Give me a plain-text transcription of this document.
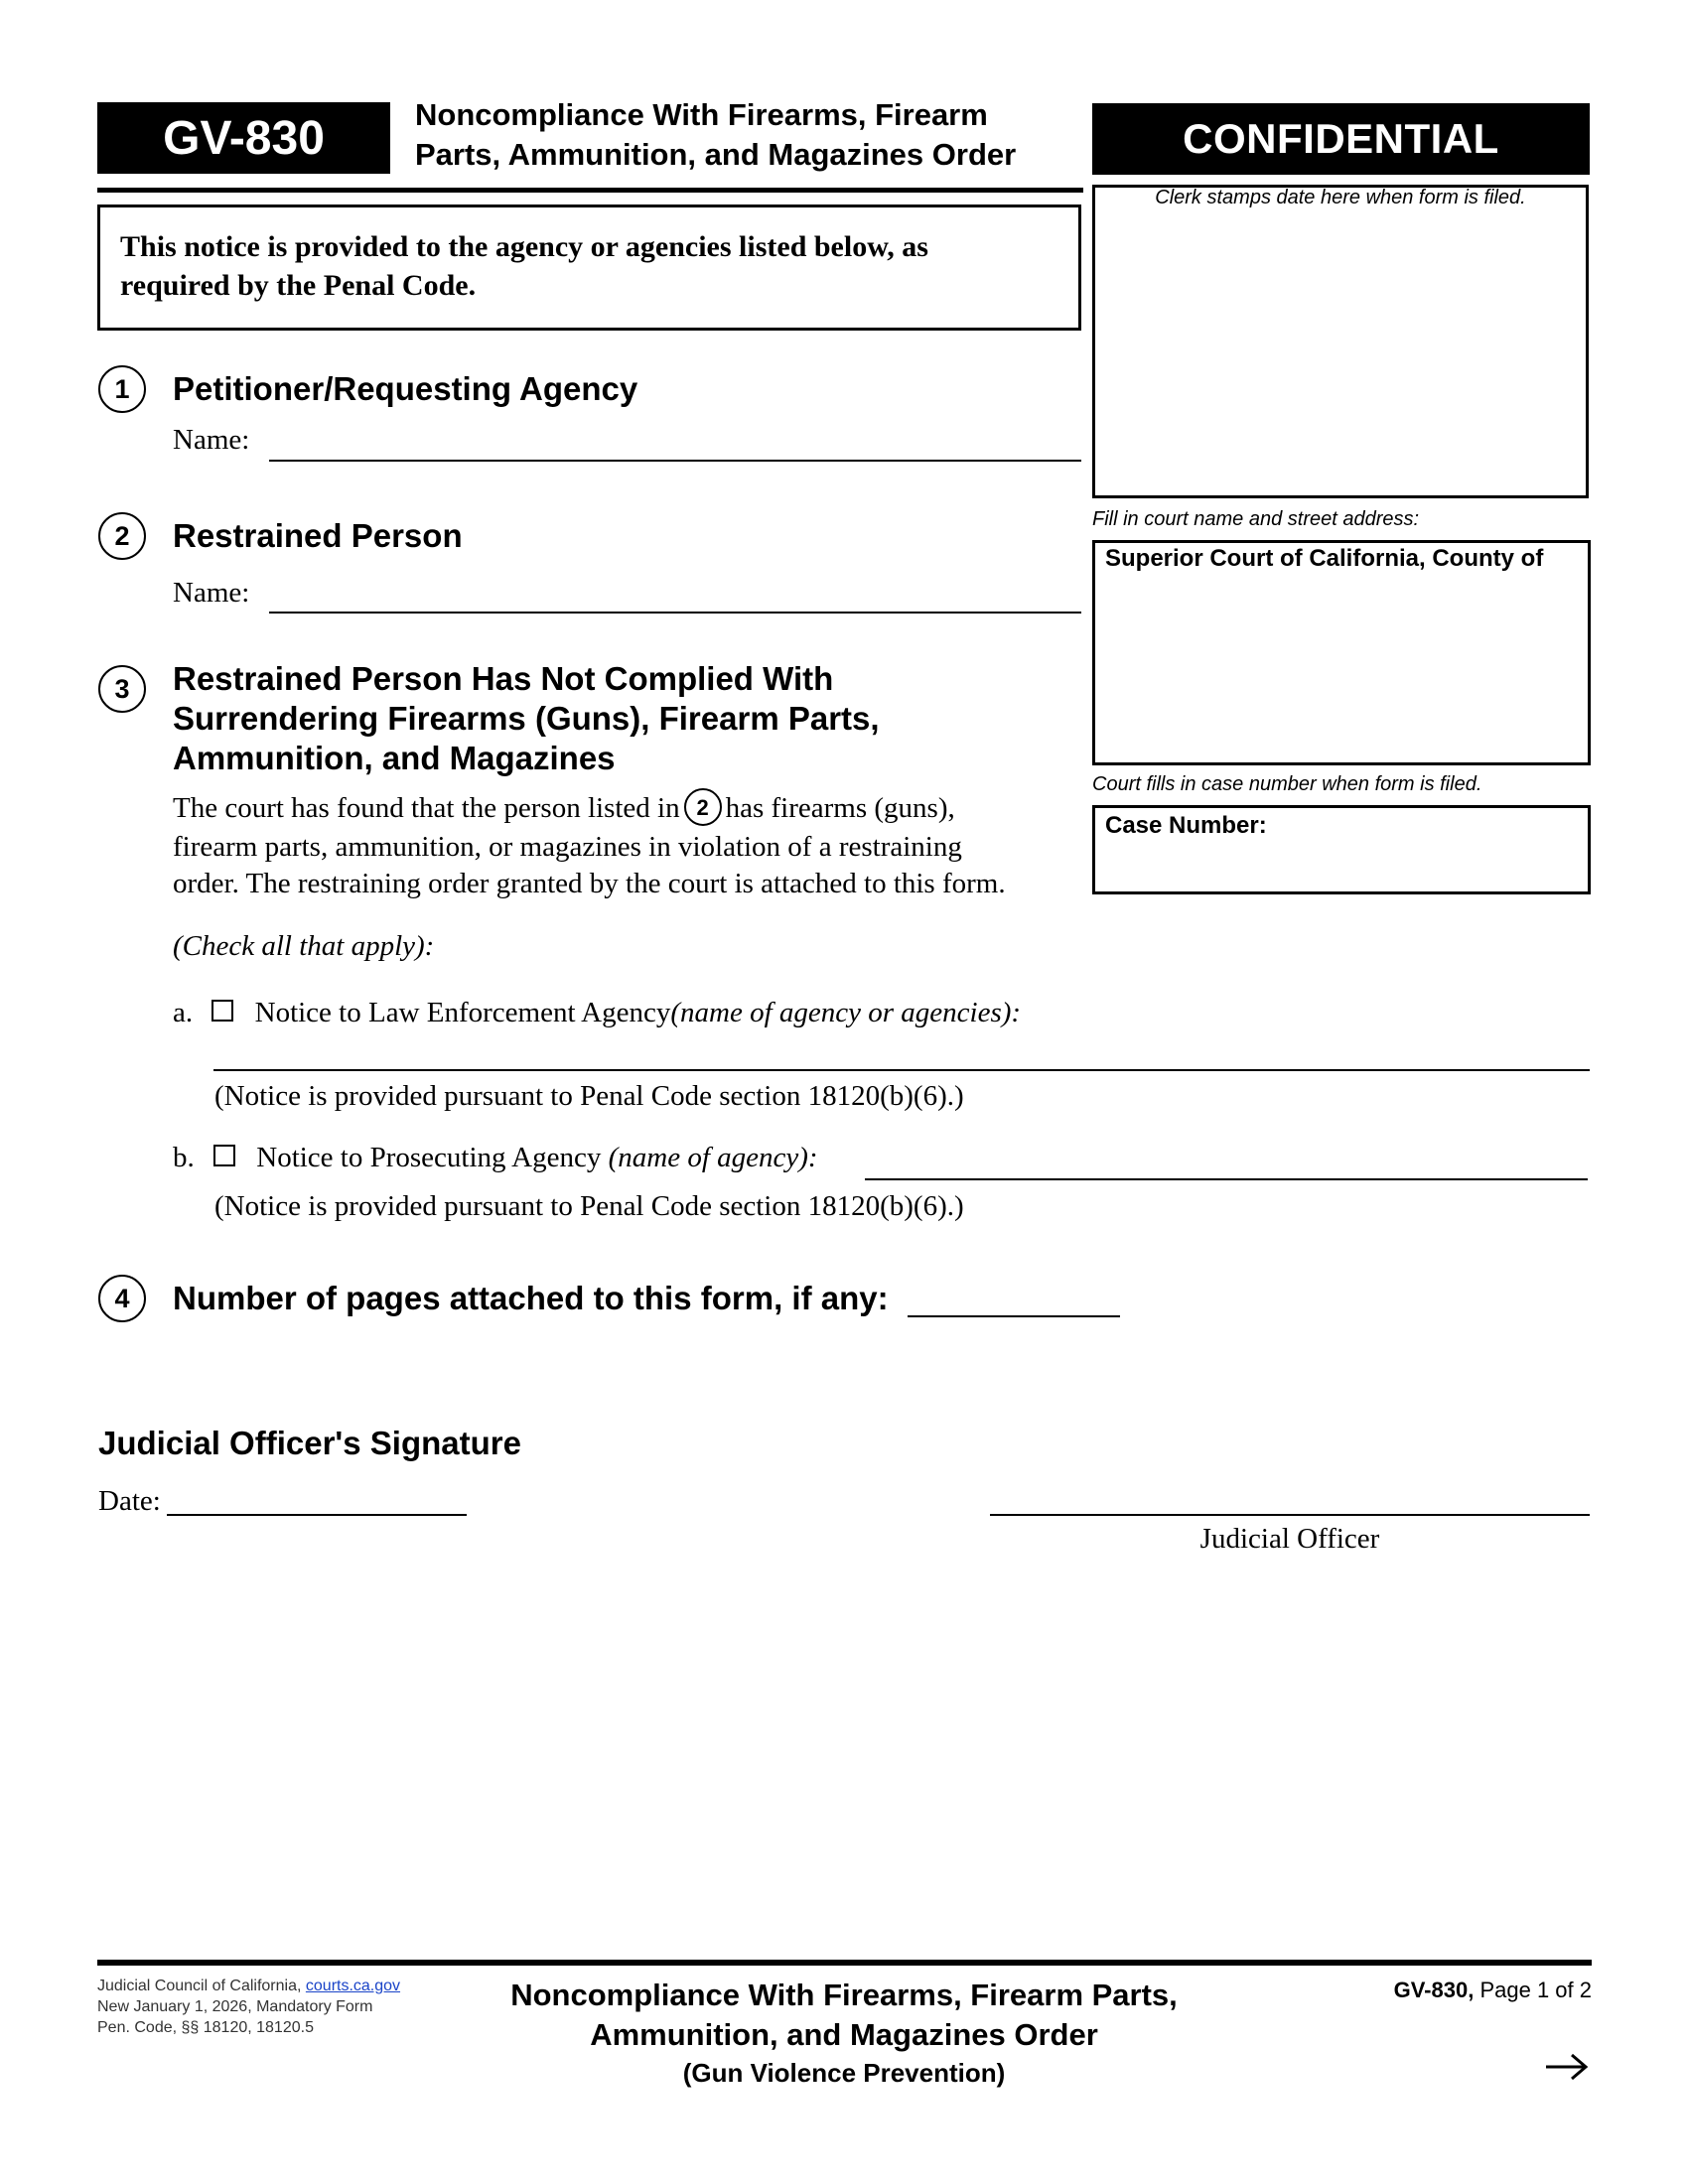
GV-830	Noncompliance With Firearms, Firearm
Parts, Ammunition, and Magazines Order	CONFIDENTIAL
Clerk stamps date here when form is filed.
Fill in court name and street address:
Superior Court of California, County of
Court fills in case number when form is filed.
Case Number:
This notice is provided to the agency or agencies listed below, as
required by the Penal Code.
1	Petitioner/Requesting Agency
Name:
2	Restrained Person
Name:
3	Restrained Person Has Not Complied With
Surrendering Firearms (Guns), Firearm Parts,
Ammunition, and Magazines
The court has found that the person listed in 2 has firearms (guns),
firearm parts, ammunition, or magazines in violation of a restraining
order. The restraining order granted by the court is attached to this form.
(Check all that apply):
a. Notice to Law Enforcement Agency(name of agency or agencies):
(Notice is provided pursuant to Penal Code section 18120(b)(6).)
b. Notice to Prosecuting Agency (name of agency):
(Notice is provided pursuant to Penal Code section 18120(b)(6).)
4	Number of pages attached to this form, if any:
Judicial Officer's Signature
Date:
Judicial Officer
Judicial Council of California, courts.ca.gov
New January 1, 2026, Mandatory Form
Pen. Code, §§ 18120, 18120.5
Noncompliance With Firearms, Firearm Parts,
Ammunition, and Magazines Order
(Gun Violence Prevention)
GV-830, Page 1 of 2
